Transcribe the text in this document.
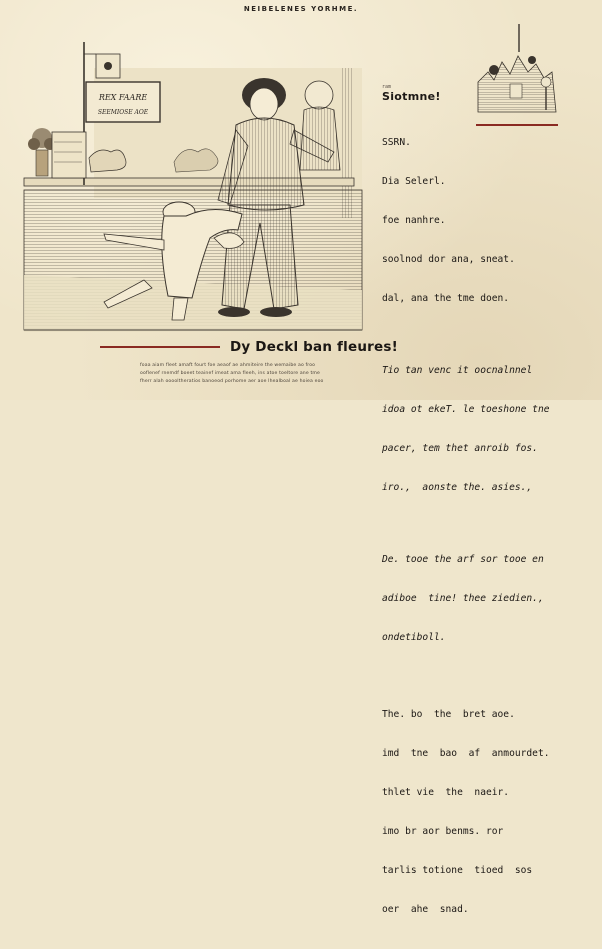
NEIBELENES YORHME.
REX FAARE
SEEMIOSE AOE
ram
Siotmne!

SSRN.

Dia Selerl.

foe nanhre.

soolnod dor ana, sneat.

dal, ana the tme doen.

Tio tan venc it oocnalnnel

idoa ot ekeT. le toeshone tne

pacer, tem thet anroib fos.

iro.,  aonste the. asies.,

De. tooe the arf sor tooe en

adiboe  tine! thee ziedien.,

ondetiboll.

The. bo  the  bret aoe.

imd  tne  bao  af  anmourdet.

thlet vie  the  naeir.

imo br aor benms. ror

tarlis totione  tioed  sos

oer  ahe  snad.

Dy Deckl ban fleures!
foaa aiam fleet amaft fourt foe aeaof ae ahmiteire the wemaibe ao froo
ooflenef rnemdf boeet teainef imeat ama fleeh, ins atoe toeltore ane tme
fherr alah ooooltheratios banoeod porhome aer aoe lhealboal ae hoiea eoo
